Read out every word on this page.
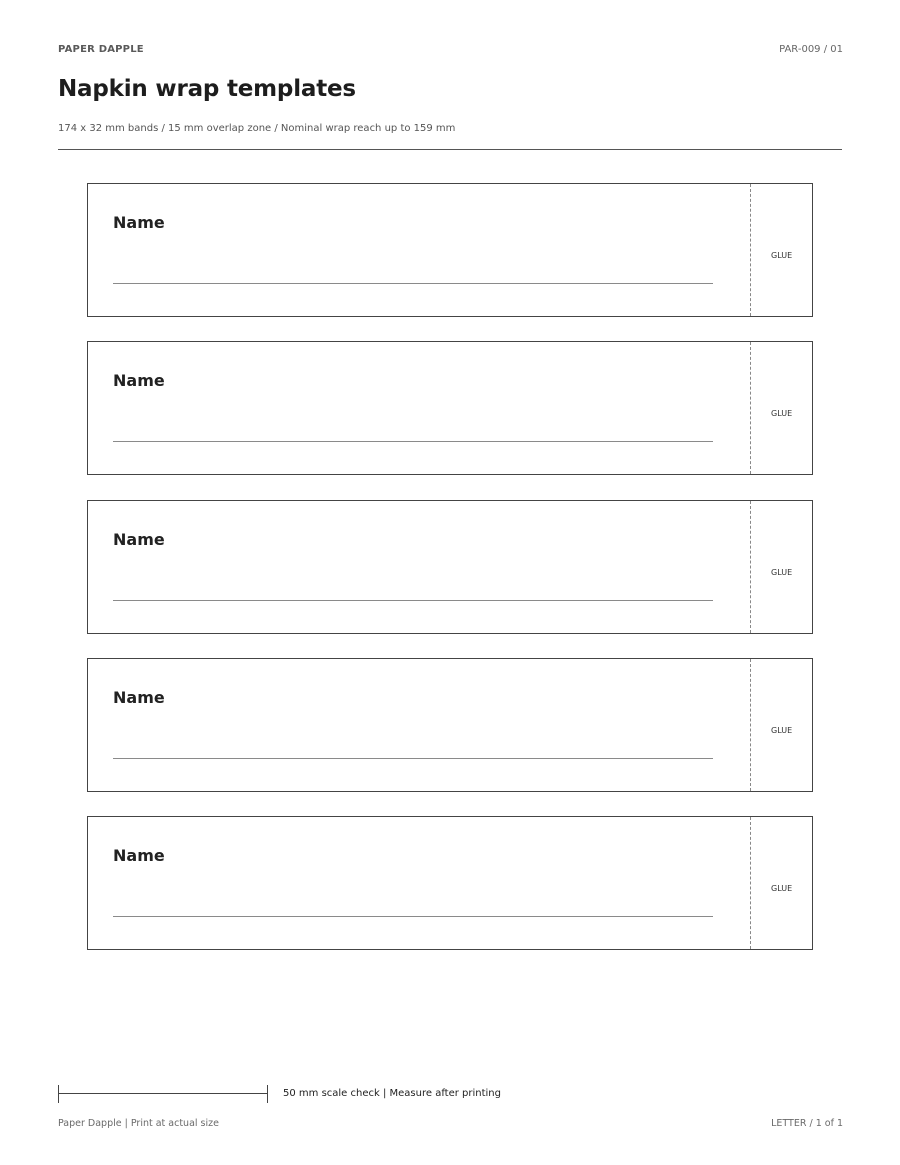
PAPER DAPPLE	PAR-009 / 01
Napkin wrap templates
174 x 32 mm bands / 15 mm overlap zone / Nominal wrap reach up to 159 mm
Name
GLUE
Name
GLUE
Name
GLUE
Name
GLUE
Name
GLUE
50 mm scale check | Measure after printing
Paper Dapple | Print at actual size	LETTER / 1 of 1
